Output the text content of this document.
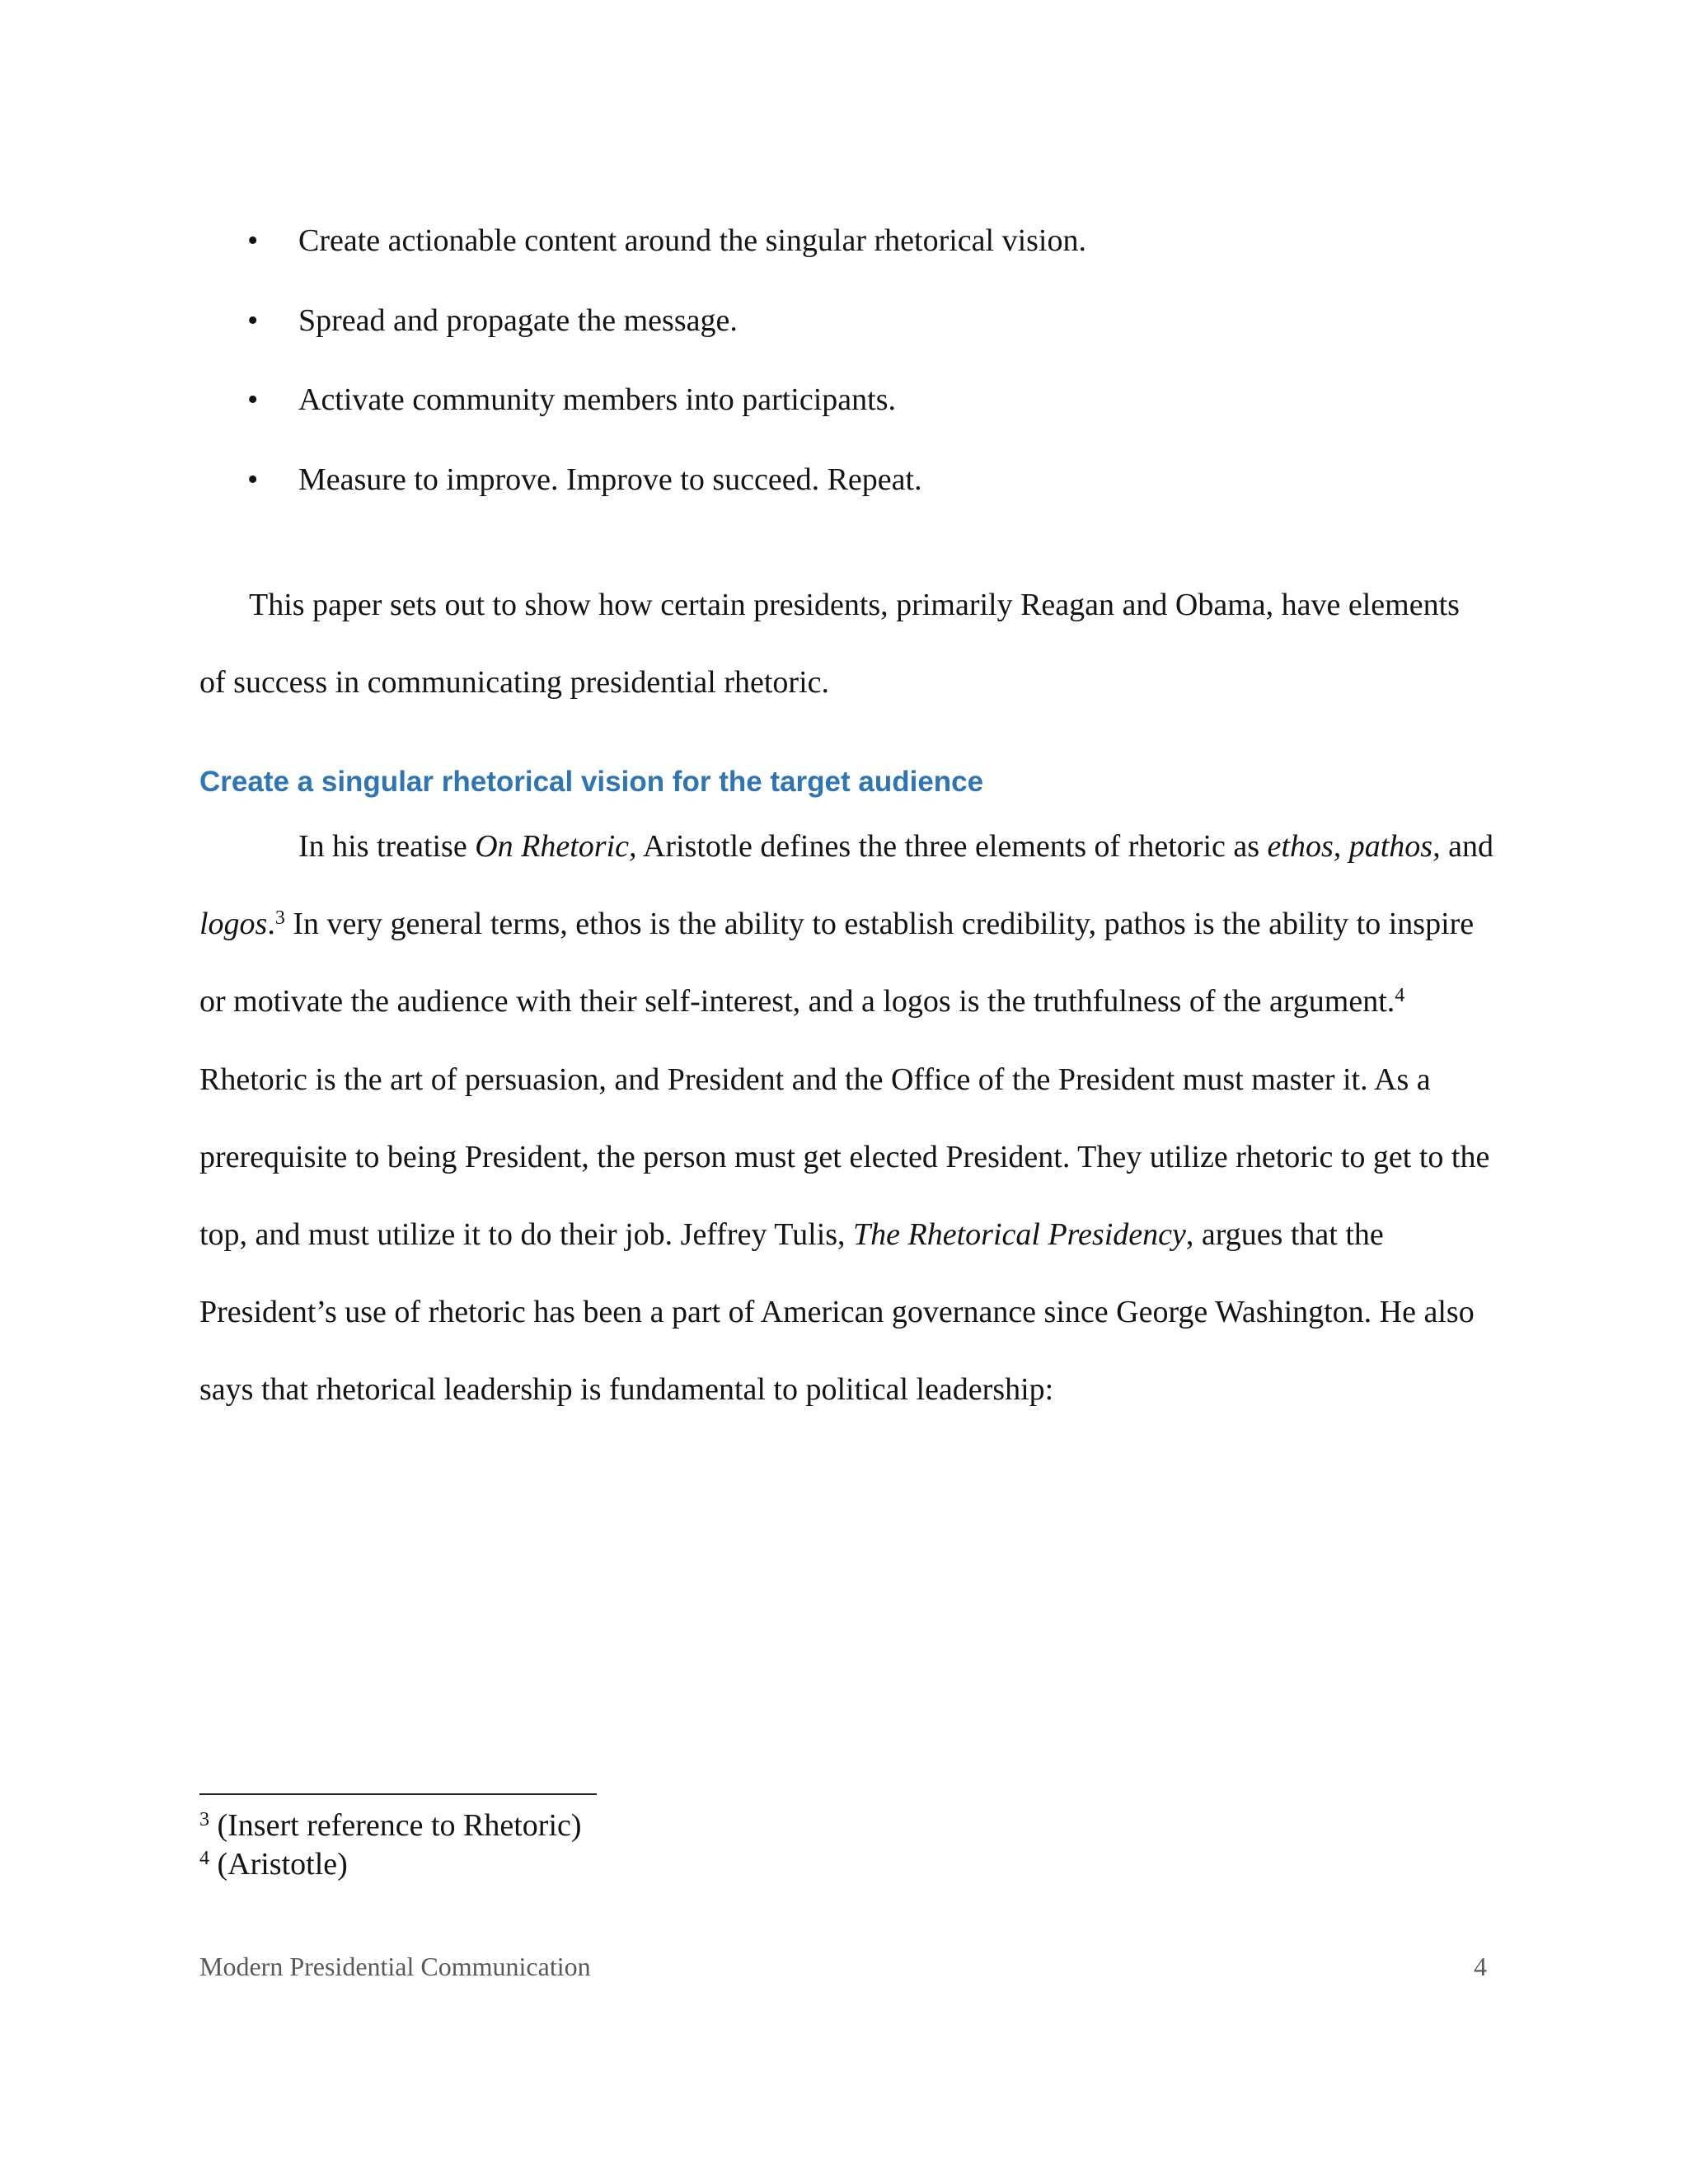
• Create actionable content around the singular rhetorical vision.
• Spread and propagate the message.
• Activate community members into participants.
• Measure to improve. Improve to succeed. Repeat.

This paper sets out to show how certain presidents, primarily Reagan and Obama, have elements of success in communicating presidential rhetoric.

Create a singular rhetorical vision for the target audience

In his treatise On Rhetoric, Aristotle defines the three elements of rhetoric as ethos, pathos, and logos.$^3$ In very general terms, ethos is the ability to establish credibility, pathos is the ability to inspire or motivate the audience with their self-interest, and a logos is the truthfulness of the argument.$^4$ Rhetoric is the art of persuasion, and President and the Office of the President must master it. As a prerequisite to being President, the person must get elected President. They utilize rhetoric to get to the top, and must utilize it to do their job. Jeffrey Tulis, The Rhetorical Presidency, argues that the President’s use of rhetoric has been a part of American governance since George Washington. He also says that rhetorical leadership is fundamental to political leadership:

$^3$ (Insert reference to Rhetoric)
$^4$ (Aristotle)
Modern Presidential Communication	4
